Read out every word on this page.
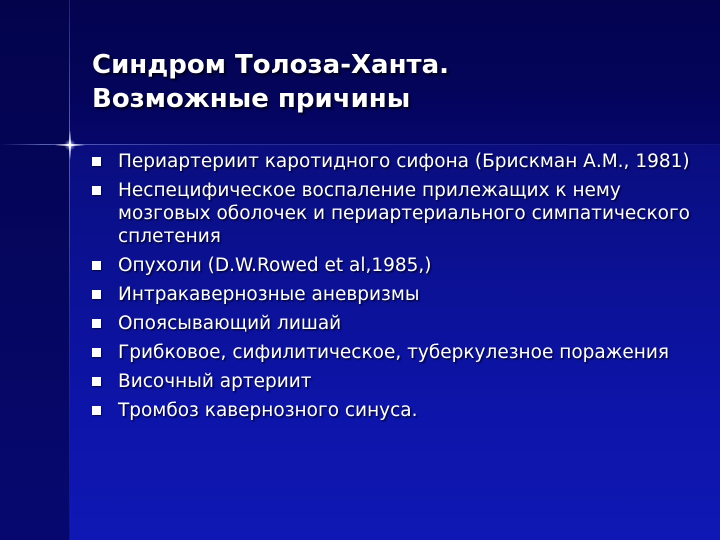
Синдром Толоза-Ханта.
Возможные причины
Периартериит каротидного сифона (Брискман А.М., 1981)
Неспецифическое воспаление прилежащих к нему мозговых оболочек и периартериального симпатического сплетения
Опухоли (D.W.Rowed et al,1985,)
Интракавернозные аневризмы
Опоясывающий лишай
Грибковое, сифилитическое, туберкулезное поражения
Височный артериит
Тромбоз кавернозного синуса.
